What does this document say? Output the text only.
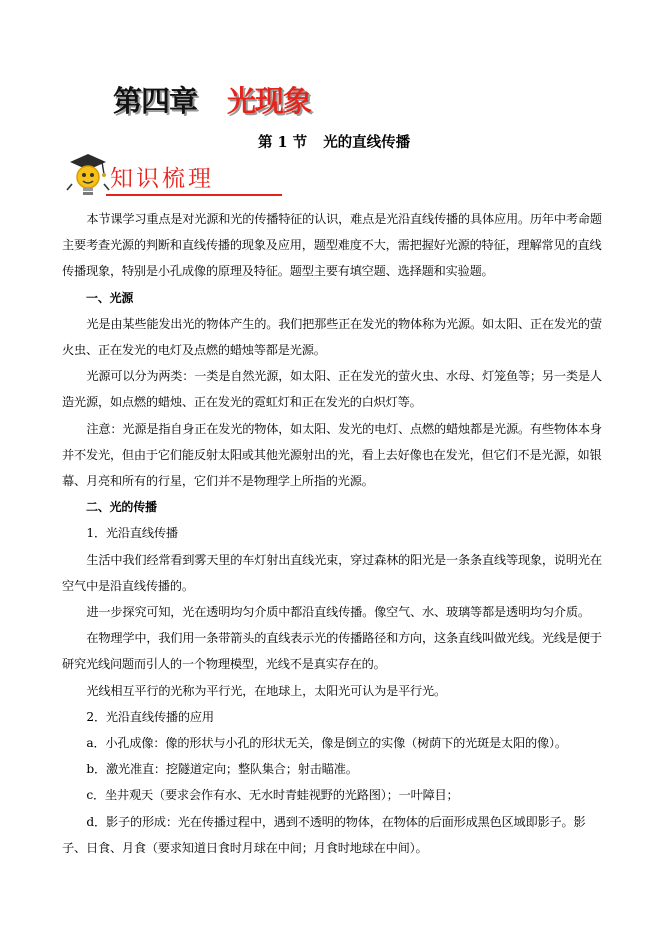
第四章 光现象
第 1 节 光的直线传播
知识梳理

本节课学习重点是对光源和光的传播特征的认识，难点是光沿直线传播的具体应用。历年中考命题主要考查光源的判断和直线传播的现象及应用，题型难度不大，需把握好光源的特征，理解常见的直线传播现象，特别是小孔成像的原理及特征。题型主要有填空题、选择题和实验题。

一、光源

光是由某些能发出光的物体产生的。我们把那些正在发光的物体称为光源。如太阳、正在发光的萤火虫、正在发光的电灯及点燃的蜡烛等都是光源。

光源可以分为两类：一类是自然光源，如太阳、正在发光的萤火虫、水母、灯笼鱼等；另一类是人造光源，如点燃的蜡烛、正在发光的霓虹灯和正在发光的白炽灯等。

注意：光源是指自身正在发光的物体，如太阳、发光的电灯、点燃的蜡烛都是光源。有些物体本身并不发光，但由于它们能反射太阳或其他光源射出的光，看上去好像也在发光，但它们不是光源，如银幕、月亮和所有的行星，它们并不是物理学上所指的光源。

二、光的传播

1．光沿直线传播

生活中我们经常看到雾天里的车灯射出直线光束，穿过森林的阳光是一条条直线等现象，说明光在空气中是沿直线传播的。

进一步探究可知，光在透明均匀介质中都沿直线传播。像空气、水、玻璃等都是透明均匀介质。

在物理学中，我们用一条带箭头的直线表示光的传播路径和方向，这条直线叫做光线。光线是便于研究光线问题而引人的一个物理模型，光线不是真实存在的。

光线相互平行的光称为平行光，在地球上，太阳光可认为是平行光。

2．光沿直线传播的应用

a．小孔成像：像的形状与小孔的形状无关，像是倒立的实像（树荫下的光斑是太阳的像）。

b．激光准直：挖隧道定向；整队集合；射击瞄准。

c．坐井观天（要求会作有水、无水时青蛙视野的光路图）；一叶障目；

d．影子的形成：光在传播过程中，遇到不透明的物体，在物体的后面形成黑色区域即影子。影子、日食、月食（要求知道日食时月球在中间；月食时地球在中间）。
